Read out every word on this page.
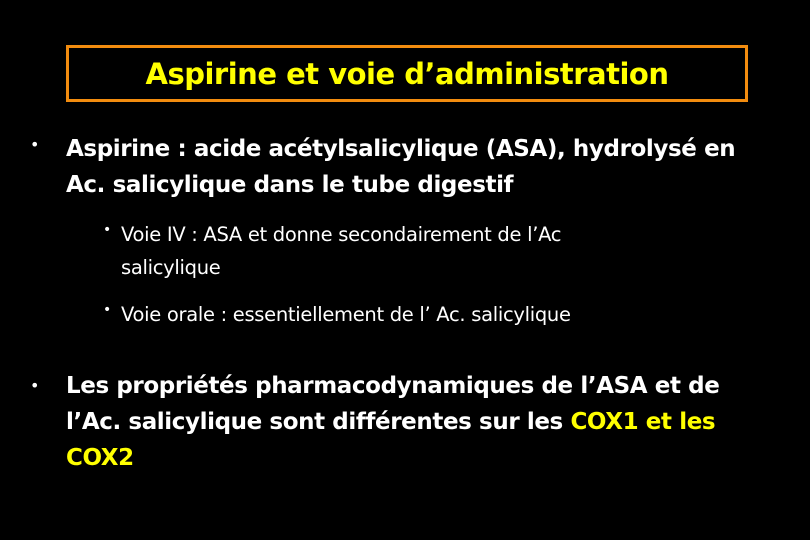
Aspirine et voie d’administration
• Aspirine : acide acétylsalicylique (ASA), hydrolysé en
Ac. salicylique dans le tube digestif
• Voie IV : ASA et donne secondairement de l’Ac
salicylique
• Voie orale : essentiellement de l’ Ac. salicylique
• Les propriétés pharmacodynamiques de l’ASA et de
l’Ac. salicylique sont différentes sur les COX1 et les
COX2
